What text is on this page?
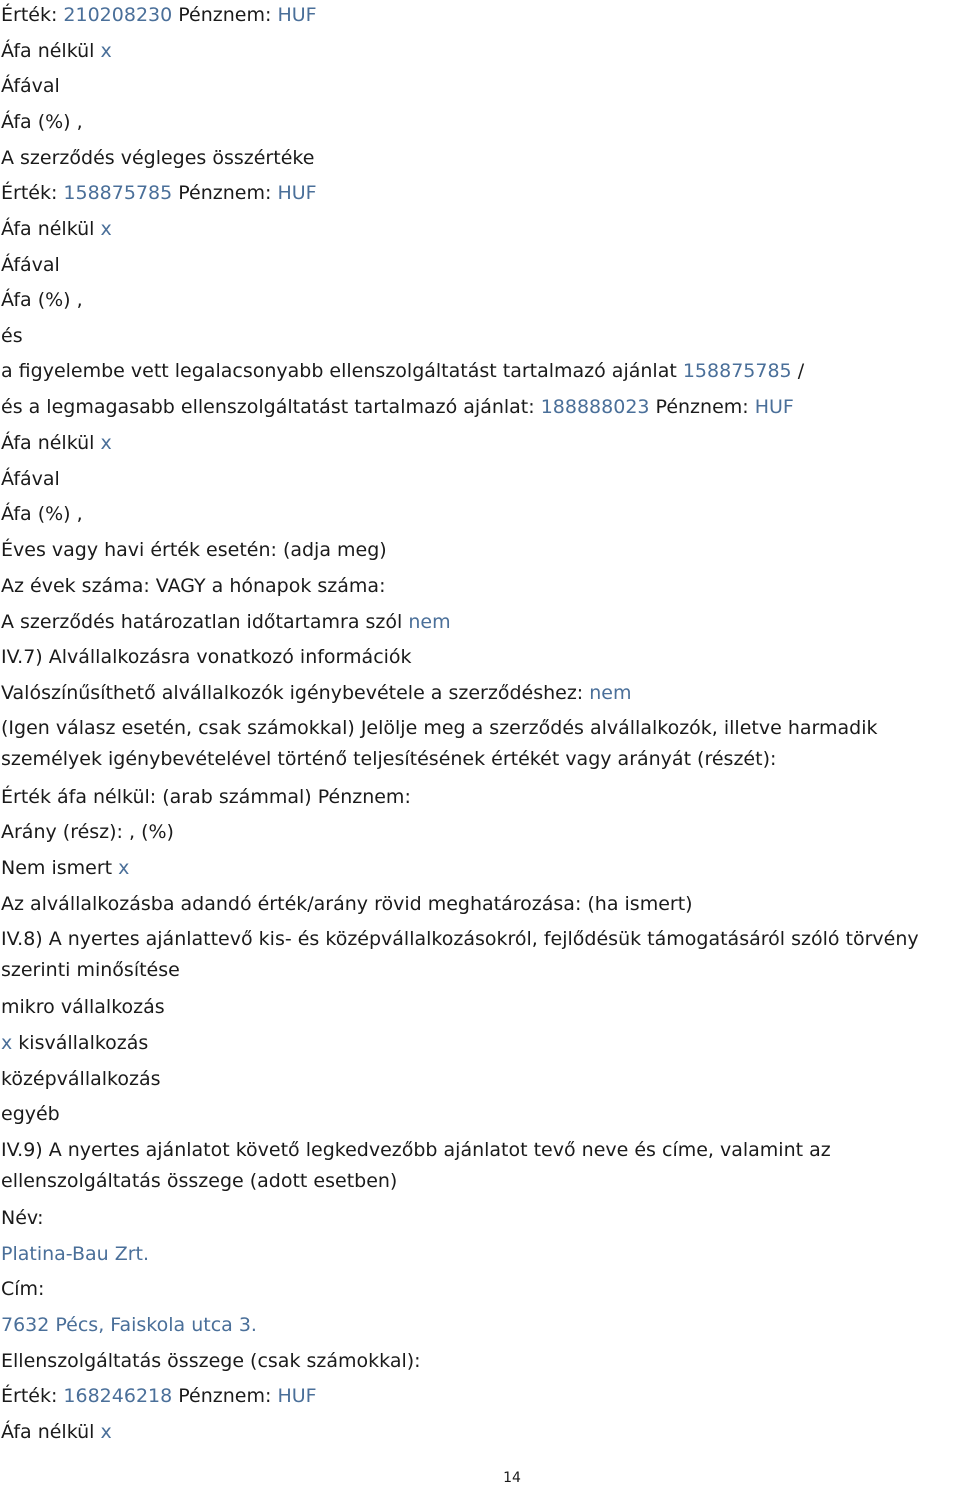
Érték: 210208230 Pénznem: HUF
Áfa nélkül x
Áfával
Áfa (%) ,
A szerződés végleges összértéke
Érték: 158875785 Pénznem: HUF
Áfa nélkül x
Áfával
Áfa (%) ,
és
a figyelembe vett legalacsonyabb ellenszolgáltatást tartalmazó ajánlat 158875785 /
és a legmagasabb ellenszolgáltatást tartalmazó ajánlat: 188888023 Pénznem: HUF
Áfa nélkül x
Áfával
Áfa (%) ,
Éves vagy havi érték esetén: (adja meg)
Az évek száma: VAGY a hónapok száma:
A szerződés határozatlan időtartamra szól nem
IV.7) Alvállalkozásra vonatkozó információk
Valószínűsíthető alvállalkozók igénybevétele a szerződéshez: nem
(Igen válasz esetén, csak számokkal) Jelölje meg a szerződés alvállalkozók, illetve harmadik személyek igénybevételével történő teljesítésének értékét vagy arányát (részét):
Érték áfa nélkül: (arab számmal) Pénznem:
Arány (rész): , (%)
Nem ismert x
Az alvállalkozásba adandó érték/arány rövid meghatározása: (ha ismert)
IV.8) A nyertes ajánlattevő kis- és középvállalkozásokról, fejlődésük támogatásáról szóló törvény szerinti minősítése
mikro vállalkozás
x kisvállalkozás
középvállalkozás
egyéb
IV.9) A nyertes ajánlatot követő legkedvezőbb ajánlatot tevő neve és címe, valamint az ellenszolgáltatás összege (adott esetben)
Név:
Platina-Bau Zrt.
Cím:
7632 Pécs, Faiskola utca 3.
Ellenszolgáltatás összege (csak számokkal):
Érték: 168246218 Pénznem: HUF
Áfa nélkül x
14
